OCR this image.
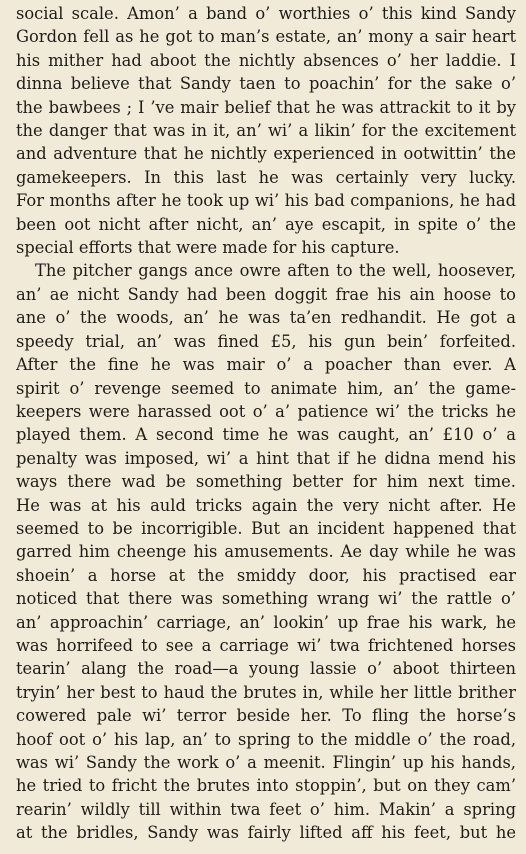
social scale. Amon’ a band o’ worthies o’ this kind Sandy
Gordon fell as he got to man’s estate, an’ mony a sair heart
his mither had aboot the nichtly absences o’ her laddie. I
dinna believe that Sandy taen to poachin’ for the sake o’
the bawbees ; I ’ve mair belief that he was attrackit to it by
the danger that was in it, an’ wi’ a likin’ for the excitement
and adventure that he nichtly experienced in ootwittin’ the
gamekeepers. In this last he was certainly very lucky.
For months after he took up wi’ his bad companions, he had
been oot nicht after nicht, an’ aye escapit, in spite o’ the
special efforts that were made for his capture.
The pitcher gangs ance owre aften to the well, hoosever,
an’ ae nicht Sandy had been doggit frae his ain hoose to
ane o’ the woods, an’ he was ta’en redhandit. He got a
speedy trial, an’ was fined £5, his gun bein’ forfeited.
After the fine he was mair o’ a poacher than ever. A
spirit o’ revenge seemed to animate him, an’ the game-
keepers were harassed oot o’ a’ patience wi’ the tricks he
played them. A second time he was caught, an’ £10 o’ a
penalty was imposed, wi’ a hint that if he didna mend his
ways there wad be something better for him next time.
He was at his auld tricks again the very nicht after. He
seemed to be incorrigible. But an incident happened that
garred him cheenge his amusements. Ae day while he was
shoein’ a horse at the smiddy door, his practised ear
noticed that there was something wrang wi’ the rattle o’
an’ approachin’ carriage, an’ lookin’ up frae his wark, he
was horrifeed to see a carriage wi’ twa frichtened horses
tearin’ alang the road—a young lassie o’ aboot thirteen
tryin’ her best to haud the brutes in, while her little brither
cowered pale wi’ terror beside her. To fling the horse’s
hoof oot o’ his lap, an’ to spring to the middle o’ the road,
was wi’ Sandy the work o’ a meenit. Flingin’ up his hands,
he tried to fricht the brutes into stoppin’, but on they cam’
rearin’ wildly till within twa feet o’ him. Makin’ a spring
at the bridles, Sandy was fairly lifted aff his feet, but he
